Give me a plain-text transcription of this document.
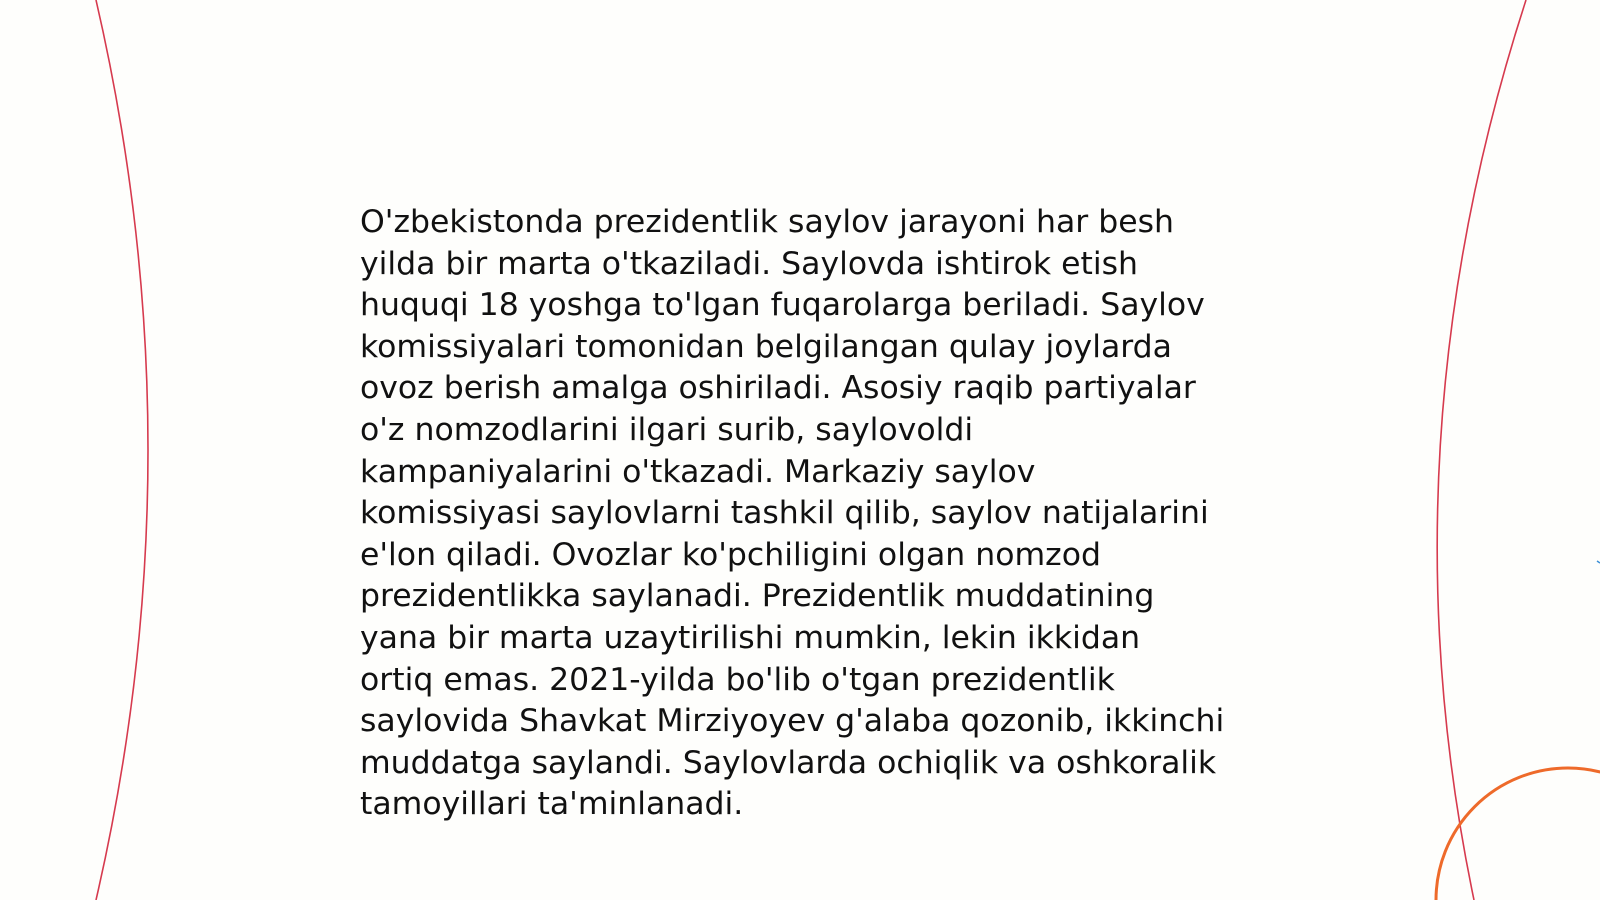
O'zbekistonda prezidentlik saylov jarayoni har besh
yilda bir marta o'tkaziladi. Saylovda ishtirok etish
huquqi 18 yoshga to'lgan fuqarolarga beriladi. Saylov
komissiyalari tomonidan belgilangan qulay joylarda
ovoz berish amalga oshiriladi. Asosiy raqib partiyalar
o'z nomzodlarini ilgari surib, saylovoldi
kampaniyalarini o'tkazadi. Markaziy saylov
komissiyasi saylovlarni tashkil qilib, saylov natijalarini
e'lon qiladi. Ovozlar ko'pchiligini olgan nomzod
prezidentlikka saylanadi. Prezidentlik muddatining
yana bir marta uzaytirilishi mumkin, lekin ikkidan
ortiq emas. 2021-yilda bo'lib o'tgan prezidentlik
saylovida Shavkat Mirziyoyev g'alaba qozonib, ikkinchi
muddatga saylandi. Saylovlarda ochiqlik va oshkoralik
tamoyillari ta'minlanadi.
